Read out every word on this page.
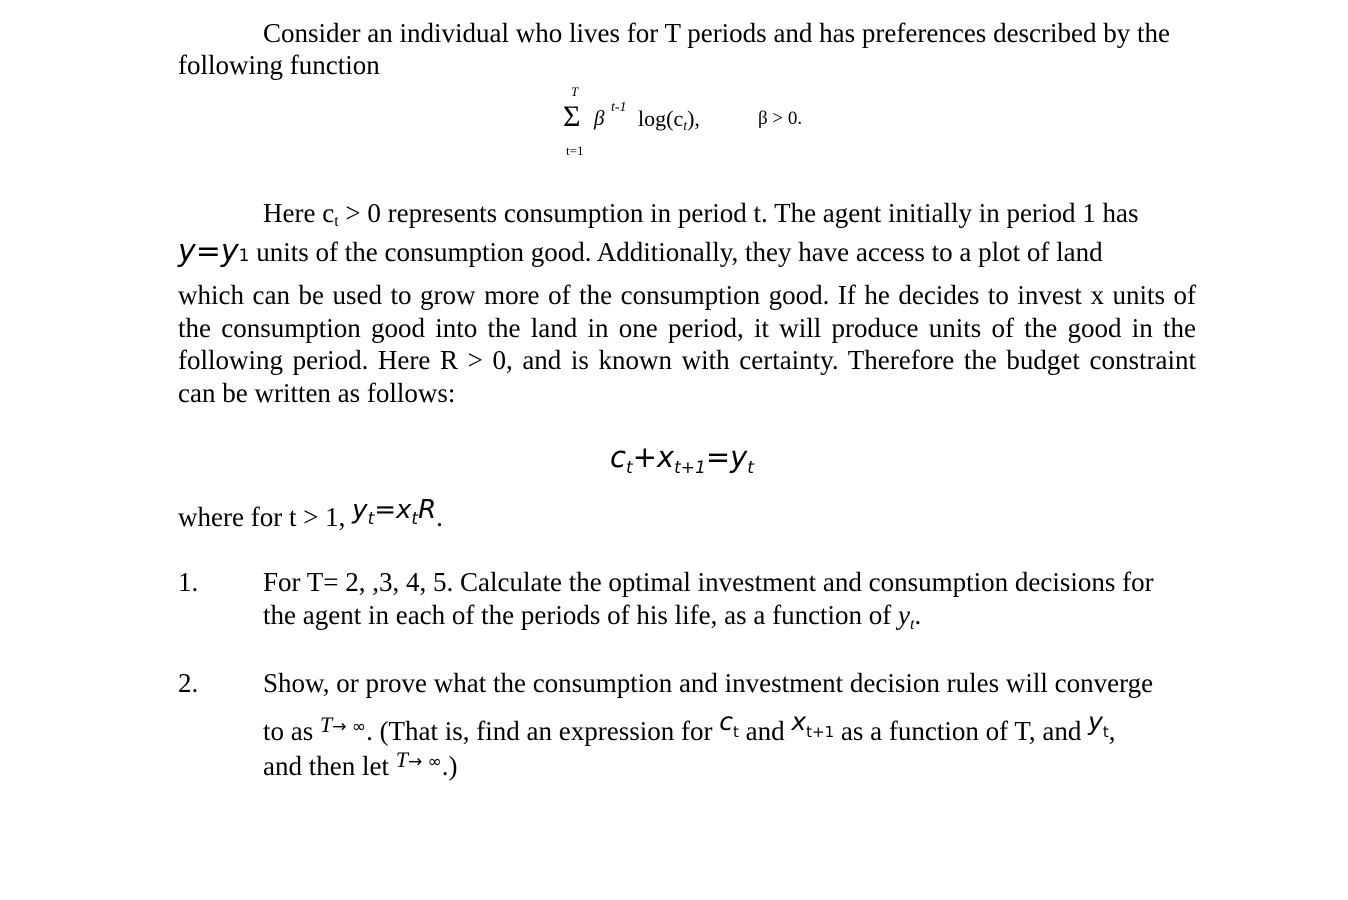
Consider an individual who lives for T periods and has preferences described by the
following function
T
Σ
t=1
β t-1 log(ct),	β > 0.
Here ct > 0 represents consumption in period t. The agent initially in period 1 has
y=y1 units of the consumption good. Additionally, they have access to a plot of land
which can be used to grow more of the consumption good. If he decides to invest x units of
the consumption good into the land in one period, it will produce units of the good in the
following period. Here R > 0, and is known with certainty. Therefore the budget constraint
can be written as follows:
$c_t+x_{t+1}=y_t$
where for t > 1, $y_t=x_tR$.
1. For T= 2, ,3, 4, 5. Calculate the optimal investment and consumption decisions for
the agent in each of the periods of his life, as a function of yt.
2. Show, or prove what the consumption and investment decision rules will converge
to as $^{T\to \infty}$. (That is, find an expression for ct and xt+1 as a function of T, and yt,
and then let $^{T\to \infty}$.)
